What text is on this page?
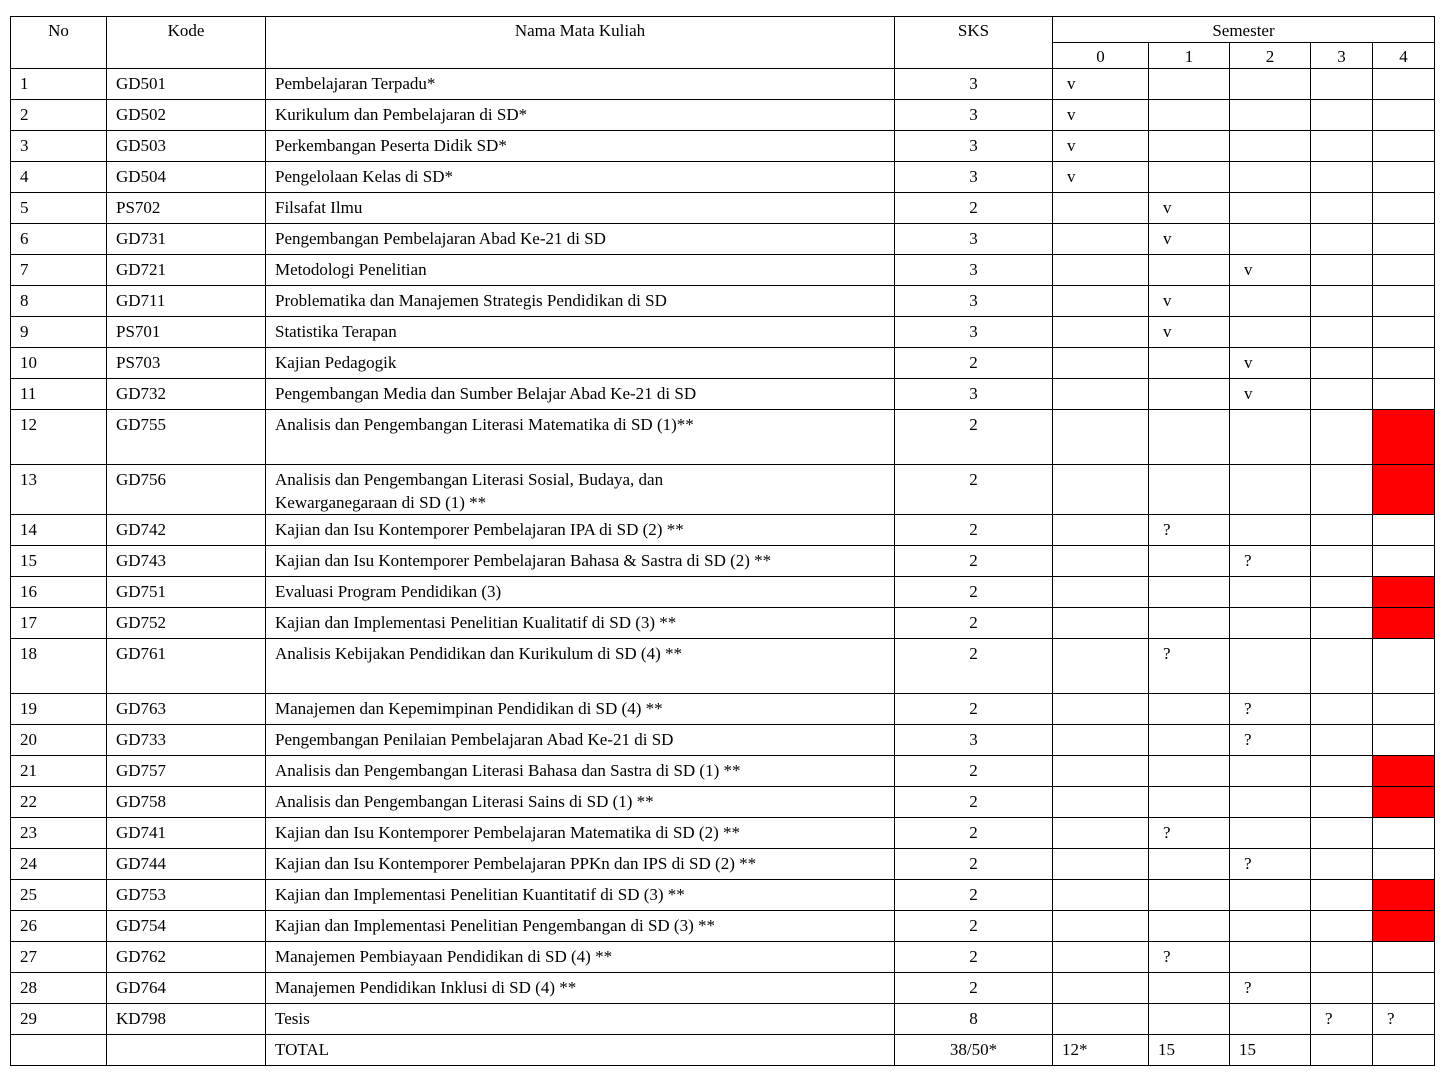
No	Kode	Nama Mata Kuliah	SKS	Semester				
				0	1	2	3	4
1	GD501	Pembelajaran Terpadu*	3	v				
2	GD502	Kurikulum dan Pembelajaran di SD*	3	v				
3	GD503	Perkembangan Peserta Didik SD*	3	v				
4	GD504	Pengelolaan Kelas di SD*	3	v				
5	PS702	Filsafat Ilmu	2		v			
6	GD731	Pengembangan Pembelajaran Abad Ke-21 di SD	3		v			
7	GD721	Metodologi Penelitian	3			v		
8	GD711	Problematika dan Manajemen Strategis Pendidikan di SD	3		v			
9	PS701	Statistika Terapan	3		v			
10	PS703	Kajian Pedagogik	2			v		
11	GD732	Pengembangan Media dan Sumber Belajar Abad Ke-21 di SD	3			v		
12	GD755	Analisis dan Pengembangan Literasi Matematika di SD (1)**	2					
13	GD756	Analisis dan Pengembangan Literasi Sosial, Budaya, dan
Kewarganegaraan di SD (1) **	2					
14	GD742	Kajian dan Isu Kontemporer Pembelajaran IPA di SD (2) **	2		?			
15	GD743	Kajian dan Isu Kontemporer Pembelajaran Bahasa & Sastra di SD (2) **	2			?		
16	GD751	Evaluasi Program Pendidikan (3)	2					
17	GD752	Kajian dan Implementasi Penelitian Kualitatif di SD (3) **	2					
18	GD761	Analisis Kebijakan Pendidikan dan Kurikulum di SD (4) **	2		?			
19	GD763	Manajemen dan Kepemimpinan Pendidikan di SD (4) **	2			?		
20	GD733	Pengembangan Penilaian Pembelajaran Abad Ke-21 di SD	3			?		
21	GD757	Analisis dan Pengembangan Literasi Bahasa dan Sastra di SD (1) **	2					
22	GD758	Analisis dan Pengembangan Literasi Sains di SD (1) **	2					
23	GD741	Kajian dan Isu Kontemporer Pembelajaran Matematika di SD (2) **	2		?			
24	GD744	Kajian dan Isu Kontemporer Pembelajaran PPKn dan IPS di SD (2) **	2			?		
25	GD753	Kajian dan Implementasi Penelitian Kuantitatif di SD (3) **	2					
26	GD754	Kajian dan Implementasi Penelitian Pengembangan di SD (3) **	2					
27	GD762	Manajemen Pembiayaan Pendidikan di SD (4) **	2		?			
28	GD764	Manajemen Pendidikan Inklusi di SD (4) **	2			?		
29	KD798	Tesis	8				?	?
		TOTAL	38/50*	12*	15	15		
